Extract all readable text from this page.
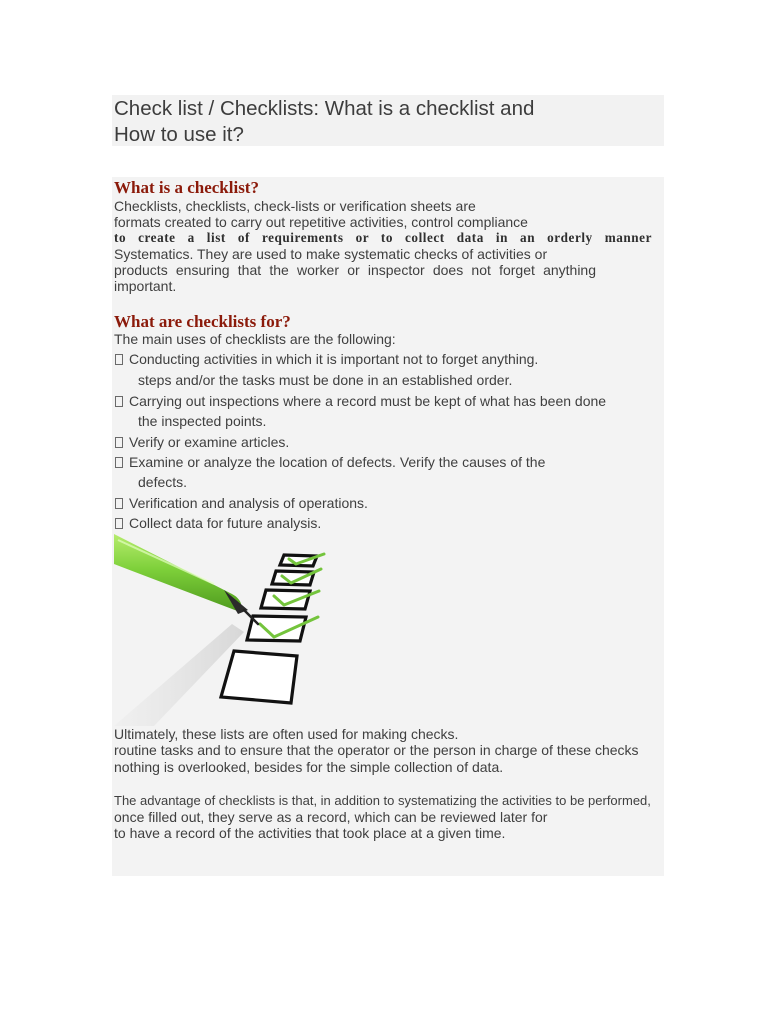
Check list / Checklists: What is a checklist and
How to use it?
What is a checklist?
Checklists, checklists, check-lists or verification sheets are
formats created to carry out repetitive activities, control compliance
to create a list of requirements or to collect data in an orderly manner
Systematics. They are used to make systematic checks of activities or
products ensuring that the worker or inspector does not forget anything
important.
What are checklists for?
The main uses of checklists are the following:
Conducting activities in which it is important not to forget anything.
steps and/or the tasks must be done in an established order.
Carrying out inspections where a record must be kept of what has been done
the inspected points.
Verify or examine articles.
Examine or analyze the location of defects. Verify the causes of the
defects.
Verification and analysis of operations.
Collect data for future analysis.
Ultimately, these lists are often used for making checks.
routine tasks and to ensure that the operator or the person in charge of these checks
nothing is overlooked, besides for the simple collection of data.
The advantage of checklists is that, in addition to systematizing the activities to be performed,
once filled out, they serve as a record, which can be reviewed later for
to have a record of the activities that took place at a given time.
